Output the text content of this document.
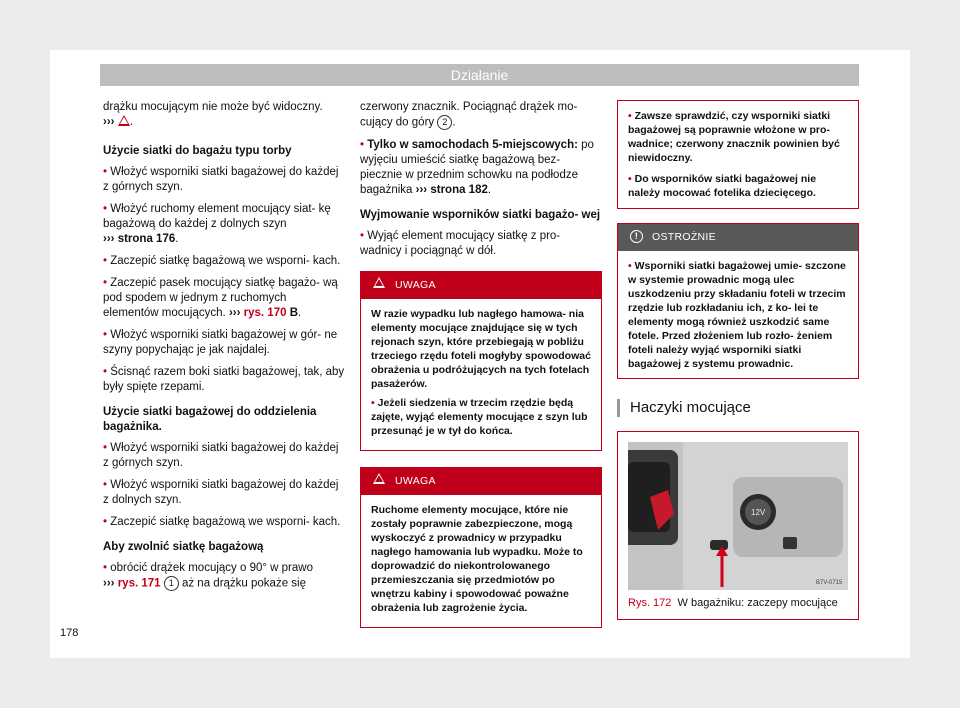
Działanie
drążku mocującym nie może być widoczny.
››› .
Użycie siatki do bagażu typu torby
• Włożyć wsporniki siatki bagażowej do każdej z górnych szyn.
• Włożyć ruchomy element mocujący siat- kę bagażową do każdej z dolnych szyn
››› strona 176.
• Zaczepić siatkę bagażową we wsporni- kach.
• Zaczepić pasek mocujący siatkę bagażo- wą pod spodem w jednym z ruchomych elementów mocujących. ››› rys. 170 B.
• Włożyć wsporniki siatki bagażowej w gór- ne szyny popychając je jak najdalej.
• Ścisnąć razem boki siatki bagażowej, tak, aby były spięte rzepami.
Użycie siatki bagażowej do oddzielenia bagażnika.
• Włożyć wsporniki siatki bagażowej do każdej z górnych szyn.
• Włożyć wsporniki siatki bagażowej do każdej z dolnych szyn.
• Zaczepić siatkę bagażową we wsporni- kach.
Aby zwolnić siatkę bagażową
• obrócić drążek mocujący o 90° w prawo
››› rys. 171 1 aż na drążku pokaże się
czerwony znacznik. Pociągnąć drążek mo- cujący do góry 2 .
• Tylko w samochodach 5-miejscowych: po wyjęciu umieścić siatkę bagażową bez- piecznie w przednim schowku na podłodze bagażnika ››› strona 182.
Wyjmowanie wsporników siatki bagażo- wej
• Wyjąć element mocujący siatkę z pro- wadnicy i pociągnąć w dół.
UWAGA
W razie wypadku lub nagłego hamowa- nia elementy mocujące znajdujące się w tych rejonach szyn, które przebiegają w pobliżu trzeciego rzędu foteli mogłyby spowodować obrażenia u podróżujących na tych fotelach pasażerów.
• Jeżeli siedzenia w trzecim rzędzie będą zajęte, wyjąć elementy mocujące z szyn lub przesunąć je w tył do końca.
UWAGA
Ruchome elementy mocujące, które nie zostały poprawnie zabezpieczone, mogą wyskoczyć z prowadnicy w przypadku nagłego hamowania lub wypadku. Może to doprowadzić do niekontrolowanego przemieszczania się przedmiotów po wnętrzu kabiny i spowodować poważne obrażenia lub zagrożenie życia.
• Zawsze sprawdzić, czy wsporniki siatki bagażowej są poprawnie włożone w pro- wadnice; czerwony znacznik powinien być niewidoczny.
• Do wsporników siatki bagażowej nie należy mocować fotelika dziecięcego.
!	OSTROŻNIE
• Wsporniki siatki bagażowej umie- szczone w systemie prowadnic mogą ulec uszkodzeniu przy składaniu foteli w trzecim rzędzie lub rozkładaniu ich, z ko- lei te elementy mogą również uszkodzić same fotele. Przed złożeniem lub rozło- żeniem foteli należy wyjąć wsporniki siatki bagażowej z systemu prowadnic.
Haczyki mocujące
12V
B7V-0715
Rys. 172 W bagażniku: zaczepy mocujące
178
